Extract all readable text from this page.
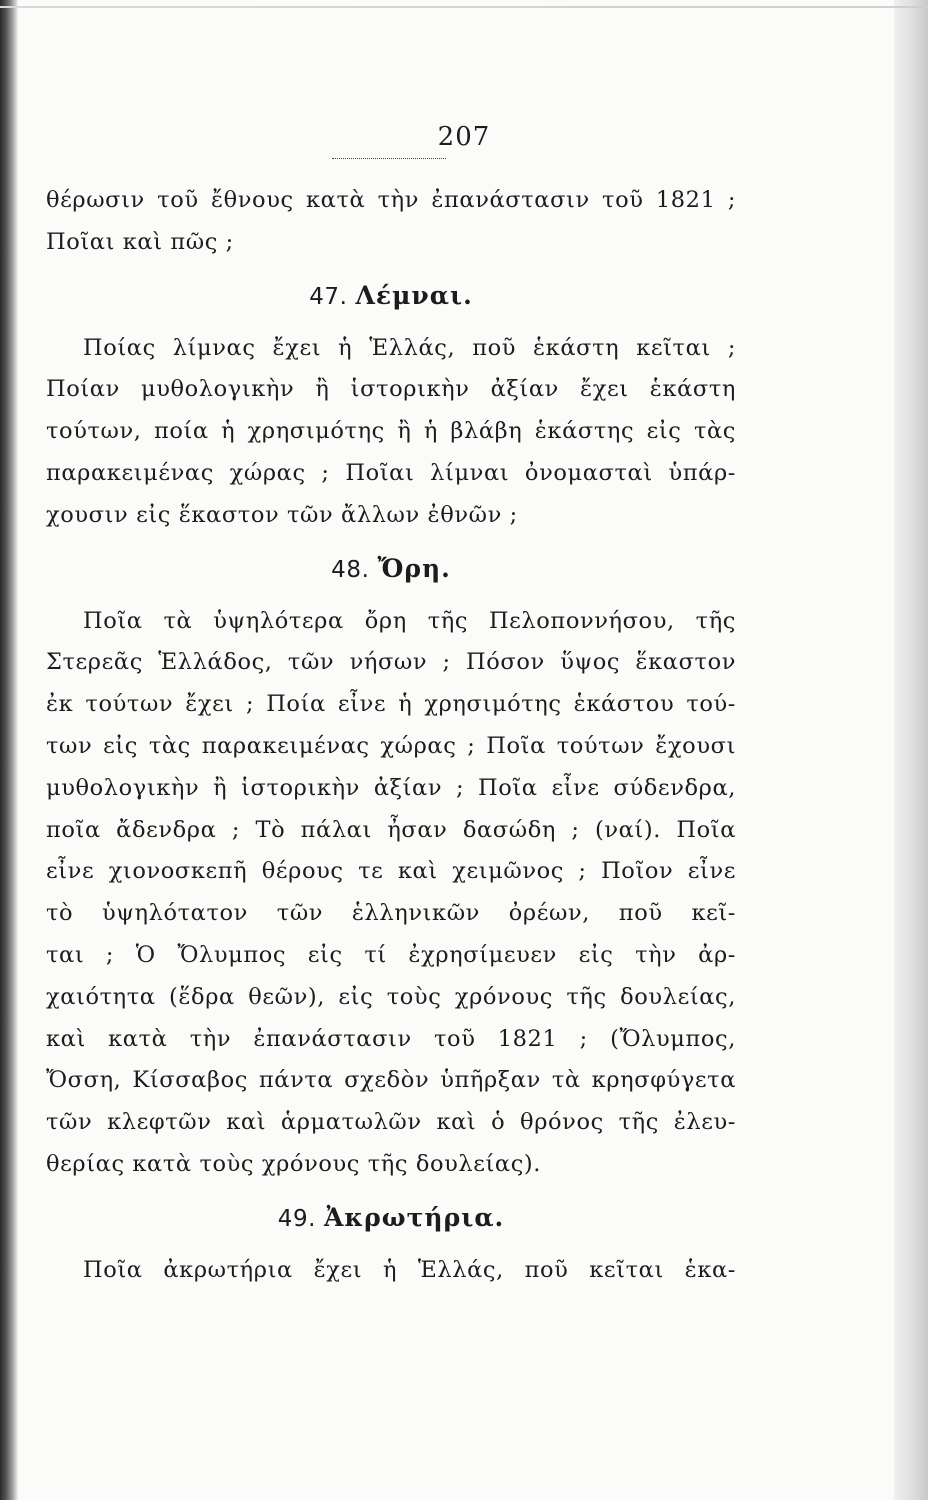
207
θέρωσιν τοῦ ἔθνους κατὰ τὴν ἐπανάστασιν τοῦ 1821 ;
Ποῖαι καὶ πῶς ;
47. Λέμναι.
Ποίας λίμνας ἔχει ἡ Ἑλλάς, ποῦ ἑκάστη κεῖται ;
Ποίαν μυθολογικὴν ἢ ἱστορικὴν ἀξίαν ἔχει ἑκάστη
τούτων, ποία ἡ χρησιμότης ἢ ἡ βλάβη ἑκάστης εἰς τὰς
παρακειμένας χώρας ; Ποῖαι λίμναι ὀνομασταὶ ὑπάρ-
χουσιν εἰς ἕκαστον τῶν ἄλλων ἐθνῶν ;
48. Ὄρη.
Ποῖα τὰ ὑψηλότερα ὄρη τῆς Πελοποννήσου, τῆς
Στερεᾶς Ἑλλάδος, τῶν νήσων ; Πόσον ὕψος ἕκαστον
ἐκ τούτων ἔχει ; Ποία εἶνε ἡ χρησιμότης ἑκάστου τού-
των εἰς τὰς παρακειμένας χώρας ; Ποῖα τούτων ἔχουσι
μυθολογικὴν ἢ ἱστορικὴν ἀξίαν ; Ποῖα εἶνε σύδενδρα,
ποῖα ἄδενδρα ; Τὸ πάλαι ἦσαν δασώδη ; (ναί). Ποῖα
εἶνε χιονοσκεπῆ θέρους τε καὶ χειμῶνος ; Ποῖον εἶνε
τὸ ὑψηλότατον τῶν ἑλληνικῶν ὀρέων, ποῦ κεῖ-
ται ; Ὁ Ὄλυμπος εἰς τί ἐχρησίμευεν εἰς τὴν ἀρ-
χαιότητα (ἕδρα θεῶν), εἰς τοὺς χρόνους τῆς δουλείας,
καὶ κατὰ τὴν ἐπανάστασιν τοῦ 1821 ; (Ὄλυμπος,
Ὄσση, Κίσσαβος πάντα σχεδὸν ὑπῆρξαν τὰ κρησφύγετα
τῶν κλεφτῶν καὶ ἁρματωλῶν καὶ ὁ θρόνος τῆς ἐλευ-
θερίας κατὰ τοὺς χρόνους τῆς δουλείας).
49. Ἀκρωτήρια.
Ποῖα ἀκρωτήρια ἔχει ἡ Ἑλλάς, ποῦ κεῖται ἑκα-
